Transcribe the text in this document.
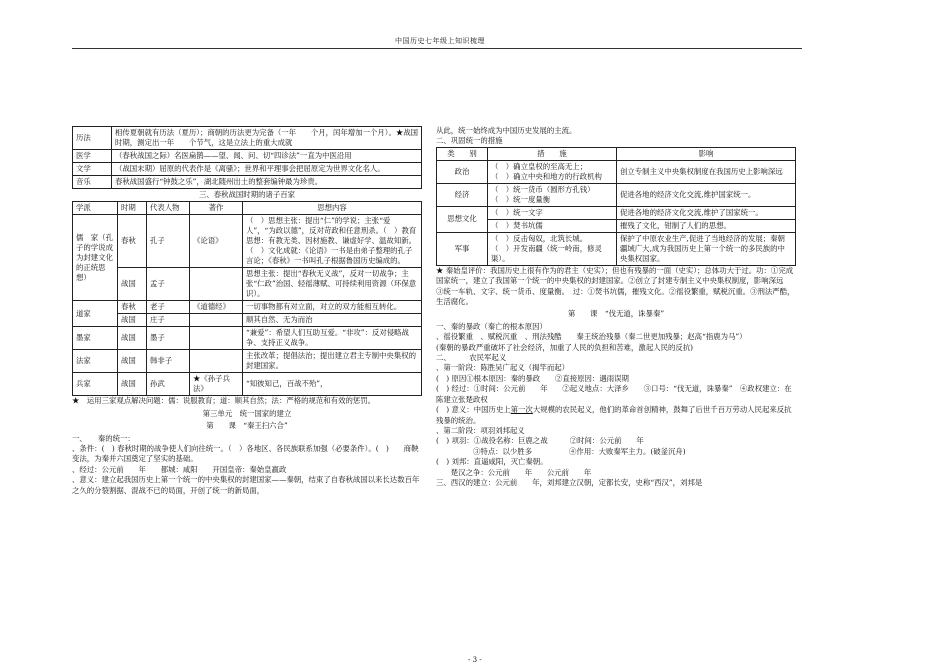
中国历史七年级上知识梳理
历法	相传夏朝就有历法（夏历）；商朝的历法更为完备（一年　　个月，闰年增加一个月）。★战国时期，测定出一年　　个节气，这是立法上的重大成就
医学	（春秋战国之际）名医扁鹊——望、闻、问、切“四诊法”一直为中医沿用
文学	（战国末期）屈原的代表作是《离骚》；世界和平理事会把屈原定为世界文化名人。
音乐	春秋战国盛行“钟鼓之乐”，湖北随州出土的整套编钟最为珍贵。
三、春秋战国时期的诸子百家
学派	时期	代表人物	著作	思想内容
儒　家（孔子的学说成为封建文化的正统思想）	春秋	孔子	《论语》	（　）思想主张：提出“仁”的学说；主张“爱人”，“为政以德”，反对苛政和任意刑杀。（　）教育思想：有教无类、因材施教、谦虚好学、温故知新。（　）文化成就：《论语》一书是由弟子整理的孔子言论；《春秋》一书叫孔子根据鲁国历史编成的。
	战国	孟子		思想主张：提出“春秋无义战”，反对一切战争；主张“仁政”治国、轻徭薄赋、可持续利用资源（环保意识）。
道家	春秋	老子	《道德经》	一切事物都有对立面，对立的双方能相互转化。
	战国	庄子		顺其自然、无为而治
墨家	战国	墨子		“兼爱”：希望人们互助互爱。“非攻”：反对侵略战争、支持正义战争。
法家	战国	韩非子		主张改革；提倡法治；提出建立君主专制中央集权的封建国家。
兵家	战国	孙武	★《孙子兵法》	“知彼知己，百战不殆”，

★　运用三家观点解决问题：儒：说服教育；道：顺其自然；法：严格的规范和有效的惩罚。

第三单元　统一国家的建立

第　　课　“秦王扫六合”

一、　　秦的统一：

、条件：(　) 春秋时期的战争使人们向往统一。（　）各地区、各民族联系加强（必要条件）。(　)　　商鞅变法，为秦并六国奠定了坚实的基础。

、经过：公元前　　年　　都城：咸阳　　开国皇帝：秦始皇嬴政

、意义：建立起我国历史上第一个统一的中央集权的封建国家——秦朝，结束了自春秋战国以来长达数百年之久的分裂割据、混战不已的局面，开创了统一的新局面，

从此，统一始终成为中国历史发展的主流。

二、巩固统一的措施

类　　别	措　　施	影响
政治	（　）确立皇权的至高无上；
（　）确立中央和地方的行政机构	创立专制主义中央集权制度在我国历史上影响深远
经济	（　）统一货币（圆形方孔钱）
（　）统一度量衡	促进各地的经济文化交流,维护国家统一。
思想文化	（　）统一文字	促进各地的经济文化交流,维护了国家统一。

	（　）焚书坑儒	摧残了文化，钳制了人们的思想。
军事	（　）反击匈奴，北筑长城。
（　）开发南疆（统一岭南，修灵渠）。	保护了中原农业生产,促进了当地经济的发展；秦朝疆域广大,成为我国历史上第一个统一的多民族的中央集权国家。

★ 秦始皇评价：我国历史上很有作为的君主（史实）；但也有残暴的一面（史实）；总体功大于过。功：①完成国家统一，建立了我国第一个统一的中央集权的封建国家。②创立了封建专制主义中央集权制度，影响深远　③统一车轨、文字、统一货币、度量衡。　过：①焚书坑儒，摧残文化。②徭役繁重，赋税沉重。③刑法严酷，生活腐化。

第　　课　“伐无道，诛暴秦”

一、秦的暴政（秦亡的根本原因）

、徭役繁重　、赋税沉重　、刑法残酷　　秦王统治残暴（秦二世更加残暴；赵高“指鹿为马”）

(秦朝的暴政严重破坏了社会经济，加重了人民的负担和苦难，激起人民的反抗)

二、　　　农民军起义

、第一阶段：陈胜吴广起义（揭竿而起）

(　) 原因①根本原因：秦的暴政　　②直接原因：遇雨误期

(　) 经过：①时间：公元前　　年　　②起义地点：大泽乡　　③口号：“伐无道，诛暴秦”　④政权建立：在陈建立张楚政权

(　) 意义：中国历史上第一次大规模的农民起义，他们的革命首创精神，鼓舞了后世千百万劳动人民起来反抗残暴的统治。

、第二阶段：项羽刘邦起义

(　) 项羽：①战役名称：巨鹿之战　　　②时间：公元前　　年

　　　　　③特点：以少胜多　　　　　④作用：大败秦军主力。(破釜沉舟)

(　) 刘邦：直逼咸阳，灭亡秦朝。

　　楚汉之争：公元前　　年　　公元前　　年

三、西汉的建立：公元前　　年，刘邦建立汉朝，定都长安，史称“西汉”，刘邦是

- 3 -
